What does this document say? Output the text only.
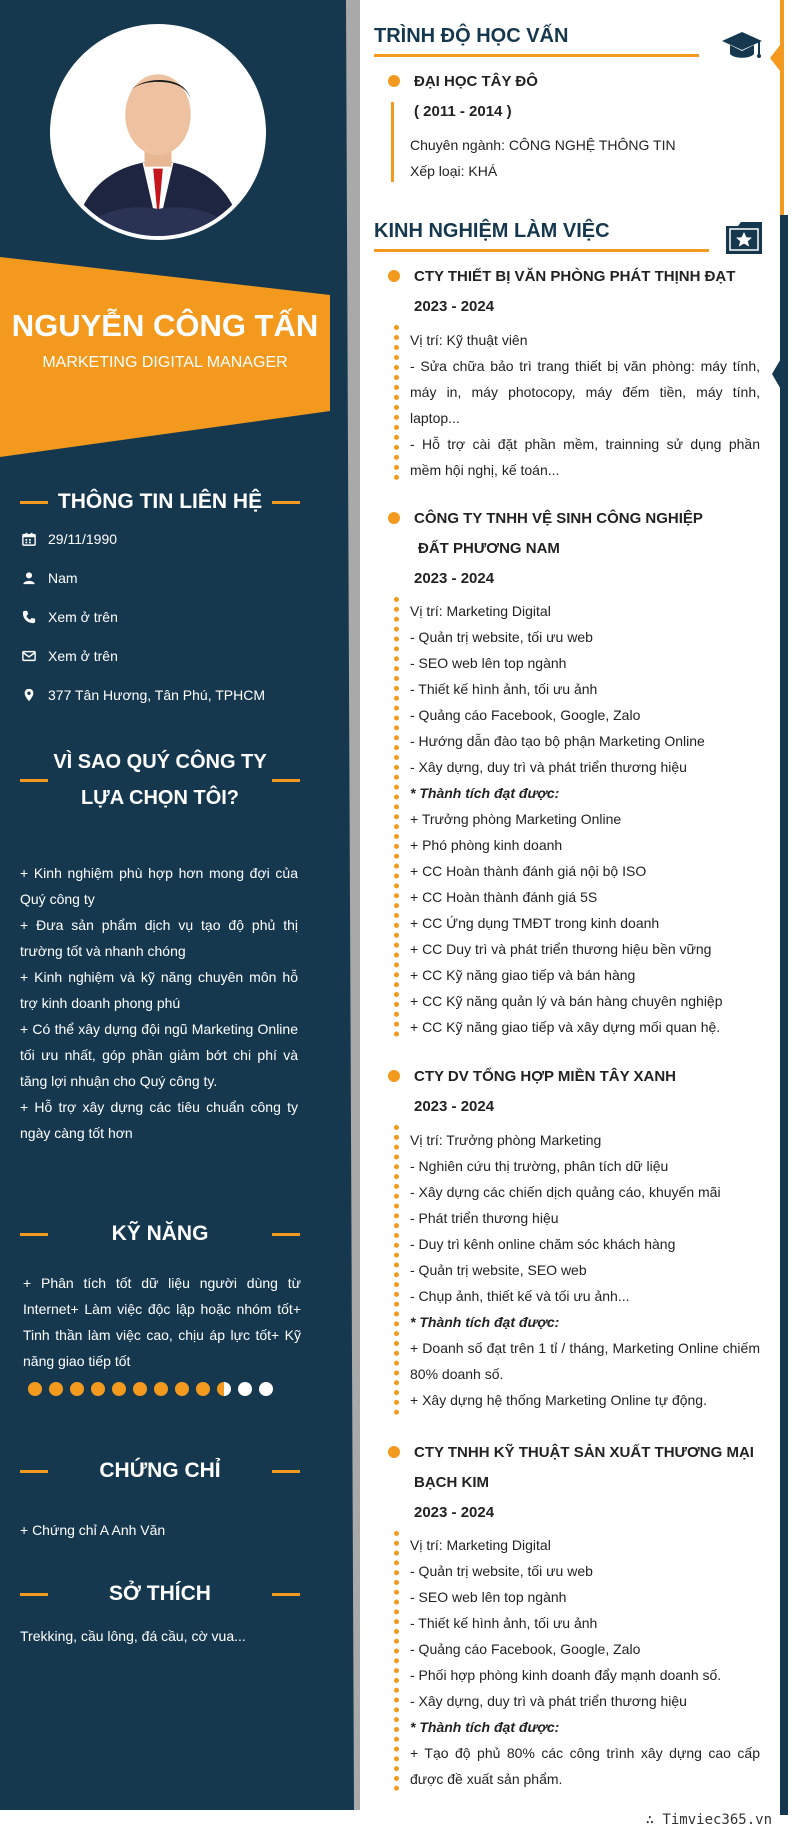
NGUYỄN CÔNG TẤN
MARKETING DIGITAL MANAGER
THÔNG TIN LIÊN HỆ
29/11/1990
Nam
Xem ở trên
Xem ở trên
377 Tân Hương, Tân Phú, TPHCM
VÌ SAO QUÝ CÔNG TY
LỰA CHỌN TÔI?

+ Kinh nghiệm phù hợp hơn mong đợi của Quý công ty

+ Đưa sản phẩm dịch vụ tạo độ phủ thị trường tốt và nhanh chóng

+ Kinh nghiệm và kỹ năng chuyên môn hỗ trợ kinh doanh phong phú

+ Có thể xây dựng đội ngũ Marketing Online tối ưu nhất, góp phần giảm bớt chi phí và tăng lợi nhuận cho Quý công ty.

+ Hỗ trợ xây dựng các tiêu chuẩn công ty ngày càng tốt hơn

KỸ NĂNG
+ Phân tích tốt dữ liệu người dùng từ Internet+ Làm việc độc lập hoặc nhóm tốt+ Tinh thần làm việc cao, chịu áp lực tốt+ Kỹ năng giao tiếp tốt
CHỨNG CHỈ
+ Chứng chỉ A Anh Văn
SỞ THÍCH
Trekking, cầu lông, đá cầu, cờ vua...
TRÌNH ĐỘ HỌC VẤN
ĐẠI HỌC TÂY ĐÔ
( 2011 - 2014 )

Chuyên ngành: CÔNG NGHỆ THÔNG TIN

Xếp loại: KHÁ

KINH NGHIỆM LÀM VIỆC
CTY THIẾT BỊ VĂN PHÒNG PHÁT THỊNH ĐẠT
2023 - 2024

Vị trí: Kỹ thuật viên

- Sửa chữa bảo trì trang thiết bị văn phòng: máy tính, máy in, máy photocopy, máy đếm tiền, máy tính, laptop...

- Hỗ trợ cài đặt phần mềm, trainning sử dụng phần mềm hội nghị, kế toán...

CÔNG TY TNHH VỆ SINH CÔNG NGHIỆP
ĐẤT PHƯƠNG NAM
2023 - 2024

Vị trí: Marketing Digital

- Quản trị website, tối ưu web

- SEO web lên top ngành

- Thiết kế hình ảnh, tối ưu ảnh

- Quảng cáo Facebook, Google, Zalo

- Hướng dẫn đào tạo bộ phận Marketing Online

- Xây dựng, duy trì và phát triển thương hiệu

* Thành tích đạt được:

+ Trưởng phòng Marketing Online

+ Phó phòng kinh doanh

+ CC Hoàn thành đánh giá nội bộ ISO

+ CC Hoàn thành đánh giá 5S

+ CC Ứng dụng TMĐT trong kinh doanh

+ CC Duy trì và phát triển thương hiệu bền vững

+ CC Kỹ năng giao tiếp và bán hàng

+ CC Kỹ năng quản lý và bán hàng chuyên nghiệp

+ CC Kỹ năng giao tiếp và xây dựng mối quan hệ.

CTY DV TỔNG HỢP MIỀN TÂY XANH
2023 - 2024

Vị trí: Trưởng phòng Marketing

- Nghiên cứu thị trường, phân tích dữ liệu

- Xây dựng các chiến dịch quảng cáo, khuyến mãi

- Phát triển thương hiệu

- Duy trì kênh online chăm sóc khách hàng

- Quản trị website, SEO web

- Chụp ảnh, thiết kế và tối ưu ảnh...

* Thành tích đạt được:

+ Doanh số đạt trên 1 tỉ / tháng, Marketing Online chiếm 80% doanh số.

+ Xây dựng hệ thống Marketing Online tự động.

CTY TNHH KỸ THUẬT SẢN XUẤT THƯƠNG MẠI
BẠCH KIM
2023 - 2024

Vị trí: Marketing Digital

- Quản trị website, tối ưu web

- SEO web lên top ngành

- Thiết kế hình ảnh, tối ưu ảnh

- Quảng cáo Facebook, Google, Zalo

- Phối hợp phòng kinh doanh đẩy mạnh doanh số.

- Xây dựng, duy trì và phát triển thương hiệu

* Thành tích đạt được:

+ Tạo độ phủ 80% các công trình xây dựng cao cấp được đề xuất sản phẩm.

∴ Timviec365.vn
